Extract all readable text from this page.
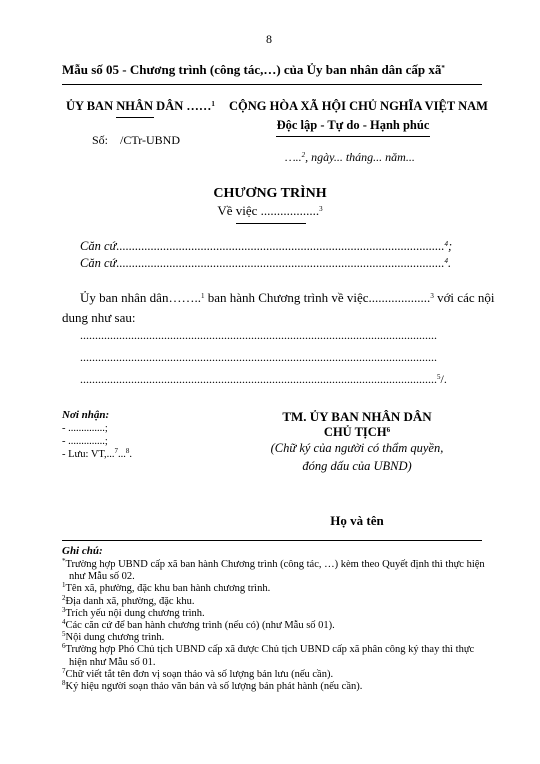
8
Mẫu số 05 - Chương trình (công tác,…) của Ủy ban nhân dân cấp xã*
ỦY BAN NHÂN DÂN ……$^1$
Số:    /CTr-UBND
CỘNG HÒA XÃ HỘI CHỦ NGHĨA VIỆT NAM
Độc lập - Tự do - Hạnh phúc
…..$^2$, ngày... tháng... năm...
CHƯƠNG TRÌNH
Về việc ..................$^3$
Căn cứ.........................................................................................................$^4$;
Căn cứ.........................................................................................................$^4$.
Ủy ban nhân dân……..$^1$ ban hành Chương trình về việc...................$^3$ với các nội
dung như sau:
.......................................................................................................................
.......................................................................................................................
.......................................................................................................................$^5$/.
Nơi nhận:
- ..............;
- ..............;
- Lưu: VT,...$^7$...$^8$.
TM. ỦY BAN NHÂN DÂN
CHỦ TỊCH$^6$
(Chữ ký của người có thẩm quyền,
đóng dấu của UBND)
Họ và tên
Ghi chú:
*Trường hợp UBND cấp xã ban hành Chương trình (công tác, …) kèm theo Quyết định thì thực hiện
như Mẫu số 02.
$^1$Tên xã, phường, đặc khu ban hành chương trình.
$^2$Địa danh xã, phường, đặc khu.
$^3$Trích yếu nội dung chương trình.
$^4$Các căn cứ để ban hành chương trình (nếu có) (như Mẫu số 01).
$^5$Nội dung chương trình.
$^6$Trường hợp Phó Chủ tịch UBND cấp xã được Chủ tịch UBND cấp xã phân công ký thay thì thực
hiện như Mẫu số 01.
$^7$Chữ viết tắt tên đơn vị soạn thảo và số lượng bản lưu (nếu cần).
$^8$Ký hiệu người soạn thảo văn bản và số lượng bản phát hành (nếu cần).
